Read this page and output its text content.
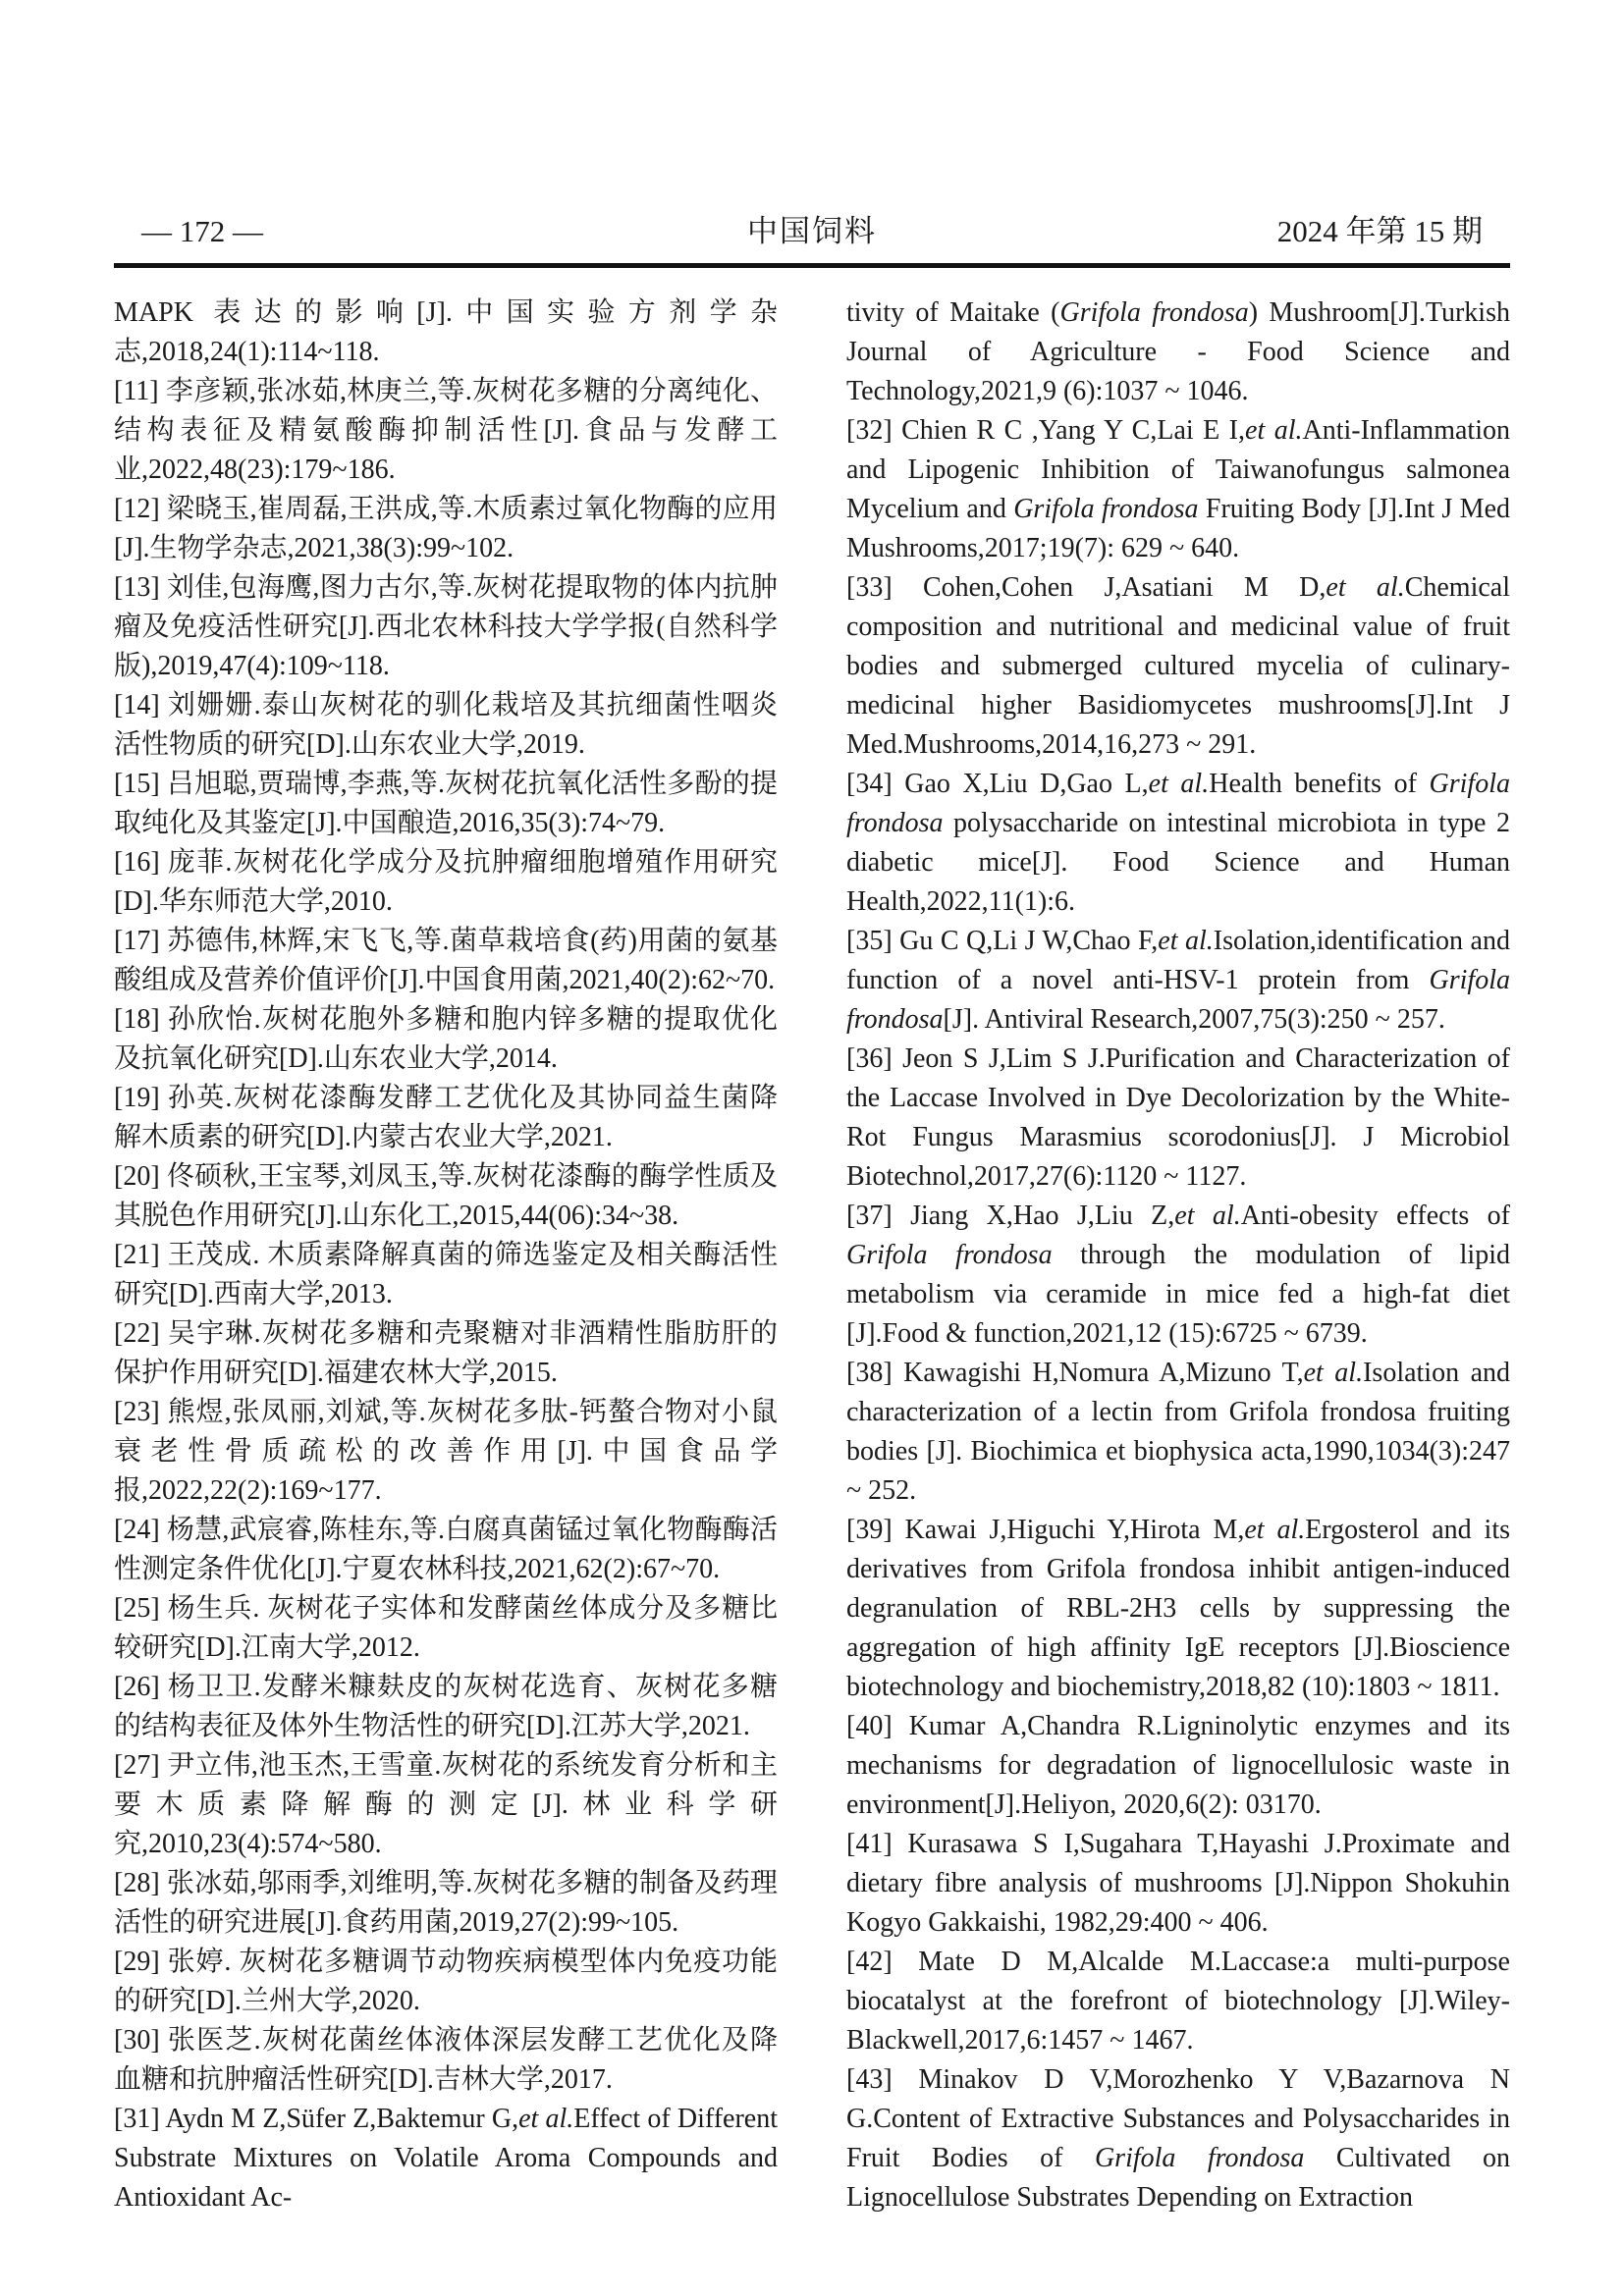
— 172 —	中国饲料	2024 年第 15 期

MAPK 表达的影响[J].中国实验方剂学杂志,2018,24(1):114~118.

[11] 李彦颖,张冰茹,林庚兰,等.灰树花多糖的分离纯化、结构表征及精氨酸酶抑制活性[J].食品与发酵工业,2022,48(23):179~186.

[12] 梁晓玉,崔周磊,王洪成,等.木质素过氧化物酶的应用[J].生物学杂志,2021,38(3):99~102.

[13] 刘佳,包海鹰,图力古尔,等.灰树花提取物的体内抗肿瘤及免疫活性研究[J].西北农林科技大学学报(自然科学版),2019,47(4):109~118.

[14] 刘姗姗.泰山灰树花的驯化栽培及其抗细菌性咽炎活性物质的研究[D].山东农业大学,2019.

[15] 吕旭聪,贾瑞博,李燕,等.灰树花抗氧化活性多酚的提取纯化及其鉴定[J].中国酿造,2016,35(3):74~79.

[16] 庞菲.灰树花化学成分及抗肿瘤细胞增殖作用研究[D].华东师范大学,2010.

[17] 苏德伟,林辉,宋飞飞,等.菌草栽培食(药)用菌的氨基酸组成及营养价值评价[J].中国食用菌,2021,40(2):62~70.

[18] 孙欣怡.灰树花胞外多糖和胞内锌多糖的提取优化及抗氧化研究[D].山东农业大学,2014.

[19] 孙英.灰树花漆酶发酵工艺优化及其协同益生菌降解木质素的研究[D].内蒙古农业大学,2021.

[20] 佟硕秋,王宝琴,刘凤玉,等.灰树花漆酶的酶学性质及其脱色作用研究[J].山东化工,2015,44(06):34~38.

[21] 王茂成. 木质素降解真菌的筛选鉴定及相关酶活性研究[D].西南大学,2013.

[22] 吴宇琳.灰树花多糖和壳聚糖对非酒精性脂肪肝的保护作用研究[D].福建农林大学,2015.

[23] 熊煜,张凤丽,刘斌,等.灰树花多肽-钙螯合物对小鼠衰老性骨质疏松的改善作用[J].中国食品学报,2022,22(2):169~177.

[24] 杨慧,武宸睿,陈桂东,等.白腐真菌锰过氧化物酶酶活性测定条件优化[J].宁夏农林科技,2021,62(2):67~70.

[25] 杨生兵. 灰树花子实体和发酵菌丝体成分及多糖比较研究[D].江南大学,2012.

[26] 杨卫卫.发酵米糠麸皮的灰树花选育、灰树花多糖的结构表征及体外生物活性的研究[D].江苏大学,2021.

[27] 尹立伟,池玉杰,王雪童.灰树花的系统发育分析和主要木质素降解酶的测定[J].林业科学研究,2010,23(4):574~580.

[28] 张冰茹,邬雨季,刘维明,等.灰树花多糖的制备及药理活性的研究进展[J].食药用菌,2019,27(2):99~105.

[29] 张婷. 灰树花多糖调节动物疾病模型体内免疫功能的研究[D].兰州大学,2020.

[30] 张医芝.灰树花菌丝体液体深层发酵工艺优化及降血糖和抗肿瘤活性研究[D].吉林大学,2017.

[31] Aydn M Z,Süfer Z,Baktemur G,et al.Effect of Different Substrate Mixtures on Volatile Aroma Compounds and Antioxidant Ac-

tivity of Maitake (Grifola frondosa) Mushroom[J].Turkish Journal of Agriculture - Food Science and Technology,2021,9 (6):1037 ~ 1046.

[32] Chien R C ,Yang Y C,Lai E I,et al.Anti-Inflammation and Lipogenic Inhibition of Taiwanofungus salmonea Mycelium and Grifola frondosa Fruiting Body [J].Int J Med Mushrooms,2017;19(7): 629 ~ 640.

[33] Cohen,Cohen J,Asatiani M D,et al.Chemical composition and nutritional and medicinal value of fruit bodies and submerged cultured mycelia of culinary-medicinal higher Basidiomycetes mushrooms[J].Int J Med.Mushrooms,2014,16,273 ~ 291.

[34] Gao X,Liu D,Gao L,et al.Health benefits of Grifola frondosa polysaccharide on intestinal microbiota in type 2 diabetic mice[J]. Food Science and Human Health,2022,11(1):6.

[35] Gu C Q,Li J W,Chao F,et al.Isolation,identification and function of a novel anti-HSV-1 protein from Grifola frondosa[J]. Antiviral Research,2007,75(3):250 ~ 257.

[36] Jeon S J,Lim S J.Purification and Characterization of the Laccase Involved in Dye Decolorization by the White-Rot Fungus Marasmius scorodonius[J]. J Microbiol Biotechnol,2017,27(6):1120 ~ 1127.

[37] Jiang X,Hao J,Liu Z,et al.Anti-obesity effects of Grifola frondosa through the modulation of lipid metabolism via ceramide in mice fed a high-fat diet [J].Food & function,2021,12 (15):6725 ~ 6739.

[38] Kawagishi H,Nomura A,Mizuno T,et al.Isolation and characterization of a lectin from Grifola frondosa fruiting bodies [J]. Biochimica et biophysica acta,1990,1034(3):247 ~ 252.

[39] Kawai J,Higuchi Y,Hirota M,et al.Ergosterol and its derivatives from Grifola frondosa inhibit antigen-induced degranulation of RBL-2H3 cells by suppressing the aggregation of high affinity IgE receptors [J].Bioscience biotechnology and biochemistry,2018,82 (10):1803 ~ 1811.

[40] Kumar A,Chandra R.Ligninolytic enzymes and its mechanisms for degradation of lignocellulosic waste in environment[J].Heliyon, 2020,6(2): 03170.

[41] Kurasawa S I,Sugahara T,Hayashi J.Proximate and dietary fibre analysis of mushrooms [J].Nippon Shokuhin Kogyo Gakkaishi, 1982,29:400 ~ 406.

[42] Mate D M,Alcalde M.Laccase:a multi-purpose biocatalyst at the forefront of biotechnology [J].Wiley-Blackwell,2017,6:1457 ~ 1467.

[43] Minakov D V,Morozhenko Y V,Bazarnova N G.Content of Extractive Substances and Polysaccharides in Fruit Bodies of Grifola frondosa Cultivated on Lignocellulose Substrates Depending on Extraction
